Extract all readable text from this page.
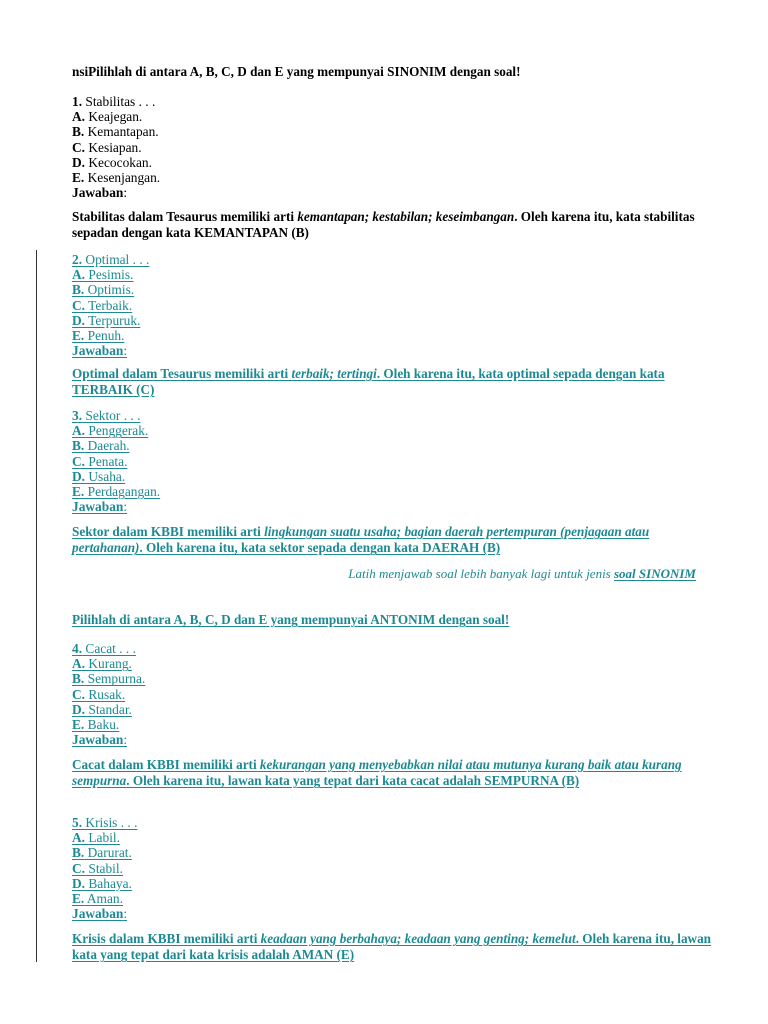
nsiPilihlah di antara A, B, C, D dan E yang mempunyai SINONIM dengan soal!
1. Stabilitas . . .
A. Keajegan.
B. Kemantapan.
C. Kesiapan.
D. Kecocokan.
E. Kesenjangan.
Jawaban:
Stabilitas dalam Tesaurus memiliki arti kemantapan; kestabilan; keseimbangan. Oleh karena itu, kata stabilitas sepadan dengan kata KEMANTAPAN (B)
2. Optimal . . .
A. Pesimis.
B. Optimis.
C. Terbaik.
D. Terpuruk.
E. Penuh.
Jawaban:
Optimal dalam Tesaurus memiliki arti terbaik; tertingi. Oleh karena itu, kata optimal sepada dengan kata TERBAIK (C)
3. Sektor . . .
A. Penggerak.
B. Daerah.
C. Penata.
D. Usaha.
E. Perdagangan.
Jawaban:
Sektor dalam KBBI memiliki arti lingkungan suatu usaha; bagian daerah pertempuran (penjagaan atau pertahanan). Oleh karena itu, kata sektor sepada dengan kata DAERAH (B)
Latih menjawab soal lebih banyak lagi untuk jenis soal SINONIM
Pilihlah di antara A, B, C, D dan E yang mempunyai ANTONIM dengan soal!
4. Cacat . . .
A. Kurang.
B. Sempurna.
C. Rusak.
D. Standar.
E. Baku.
Jawaban:
Cacat dalam KBBI memiliki arti kekurangan yang menyebabkan nilai atau mutunya kurang baik atau kurang sempurna. Oleh karena itu, lawan kata yang tepat dari kata cacat adalah SEMPURNA (B)
5. Krisis . . .
A. Labil.
B. Darurat.
C. Stabil.
D. Bahaya.
E. Aman.
Jawaban:
Krisis dalam KBBI memiliki arti keadaan yang berbahaya; keadaan yang genting; kemelut. Oleh karena itu, lawan kata yang tepat dari kata krisis adalah AMAN (E)
